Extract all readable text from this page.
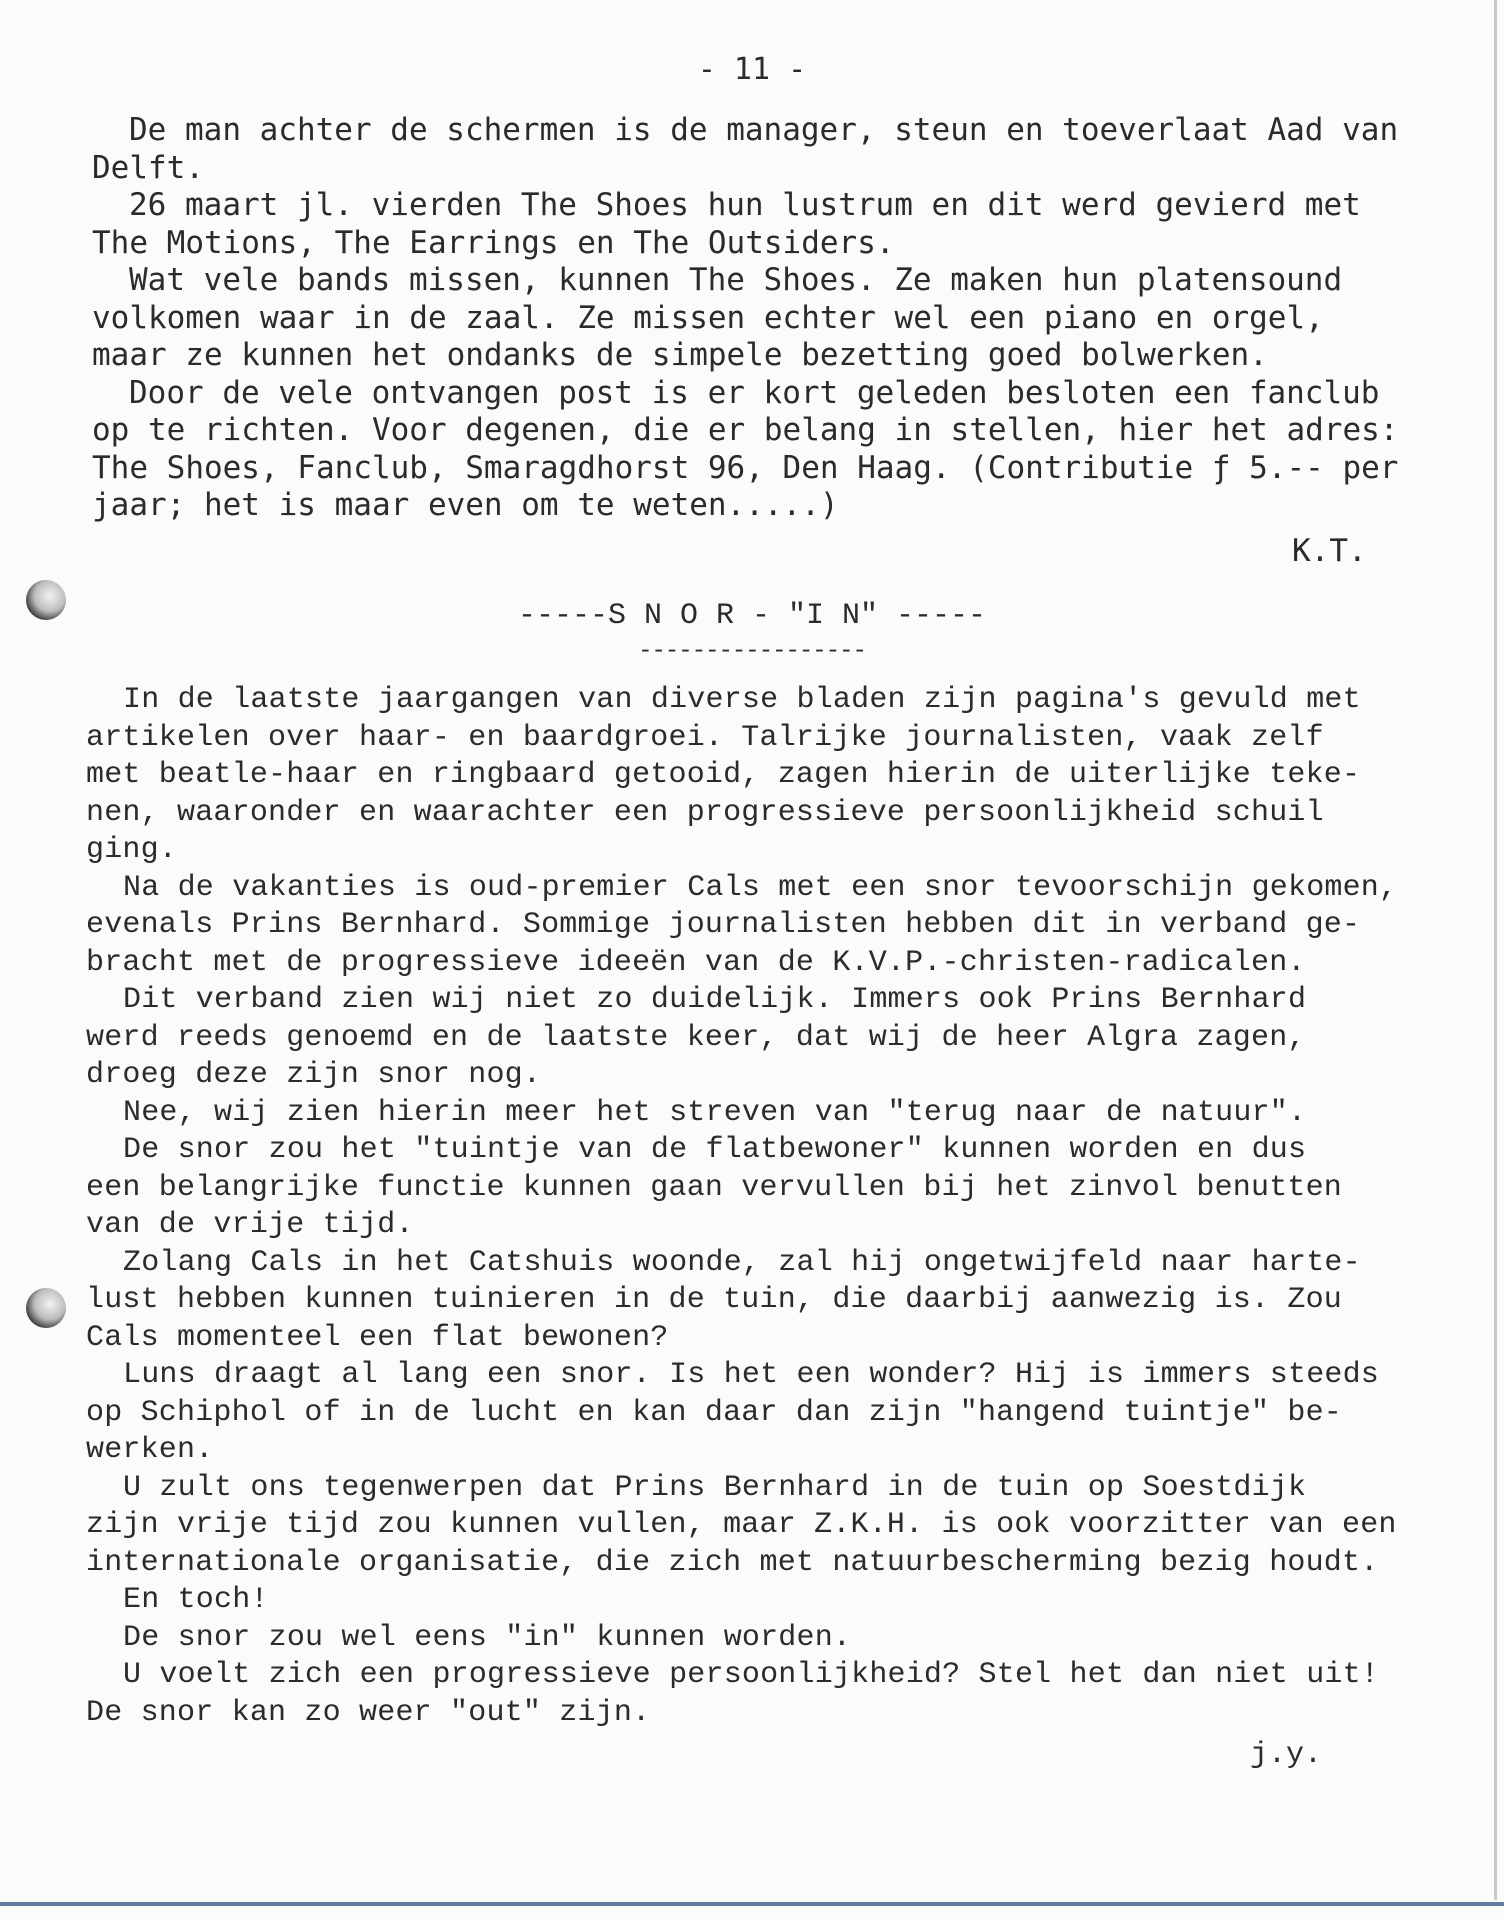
- 11 -
De man achter de schermen is de manager, steun en toeverlaat Aad van
Delft.
26 maart jl. vierden The Shoes hun lustrum en dit werd gevierd met
The Motions, The Earrings en The Outsiders.
Wat vele bands missen, kunnen The Shoes. Ze maken hun platensound
volkomen waar in de zaal. Ze missen echter wel een piano en orgel,
maar ze kunnen het ondanks de simpele bezetting goed bolwerken.
Door de vele ontvangen post is er kort geleden besloten een fanclub
op te richten. Voor degenen, die er belang in stellen, hier het adres:
The Shoes, Fanclub, Smaragdhorst 96, Den Haag. (Contributie ƒ 5.-- per
jaar; het is maar even om te weten.....)
K.T.
-----S N O R - "I N" -----
-----------------
In de laatste jaargangen van diverse bladen zijn pagina's gevuld met
artikelen over haar- en baardgroei. Talrijke journalisten, vaak zelf
met beatle-haar en ringbaard getooid, zagen hierin de uiterlijke teke-
nen, waaronder en waarachter een progressieve persoonlijkheid schuil
ging.
Na de vakanties is oud-premier Cals met een snor tevoorschijn gekomen,
evenals Prins Bernhard. Sommige journalisten hebben dit in verband ge-
bracht met de progressieve ideeën van de K.V.P.-christen-radicalen.
Dit verband zien wij niet zo duidelijk. Immers ook Prins Bernhard
werd reeds genoemd en de laatste keer, dat wij de heer Algra zagen,
droeg deze zijn snor nog.
Nee, wij zien hierin meer het streven van "terug naar de natuur".
De snor zou het "tuintje van de flatbewoner" kunnen worden en dus
een belangrijke functie kunnen gaan vervullen bij het zinvol benutten
van de vrije tijd.
Zolang Cals in het Catshuis woonde, zal hij ongetwijfeld naar harte-
lust hebben kunnen tuinieren in de tuin, die daarbij aanwezig is. Zou
Cals momenteel een flat bewonen?
Luns draagt al lang een snor. Is het een wonder? Hij is immers steeds
op Schiphol of in de lucht en kan daar dan zijn "hangend tuintje" be-
werken.
U zult ons tegenwerpen dat Prins Bernhard in de tuin op Soestdijk
zijn vrije tijd zou kunnen vullen, maar Z.K.H. is ook voorzitter van een
internationale organisatie, die zich met natuurbescherming bezig houdt.
En toch!
De snor zou wel eens "in" kunnen worden.
U voelt zich een progressieve persoonlijkheid? Stel het dan niet uit!
De snor kan zo weer "out" zijn.
j.y.
